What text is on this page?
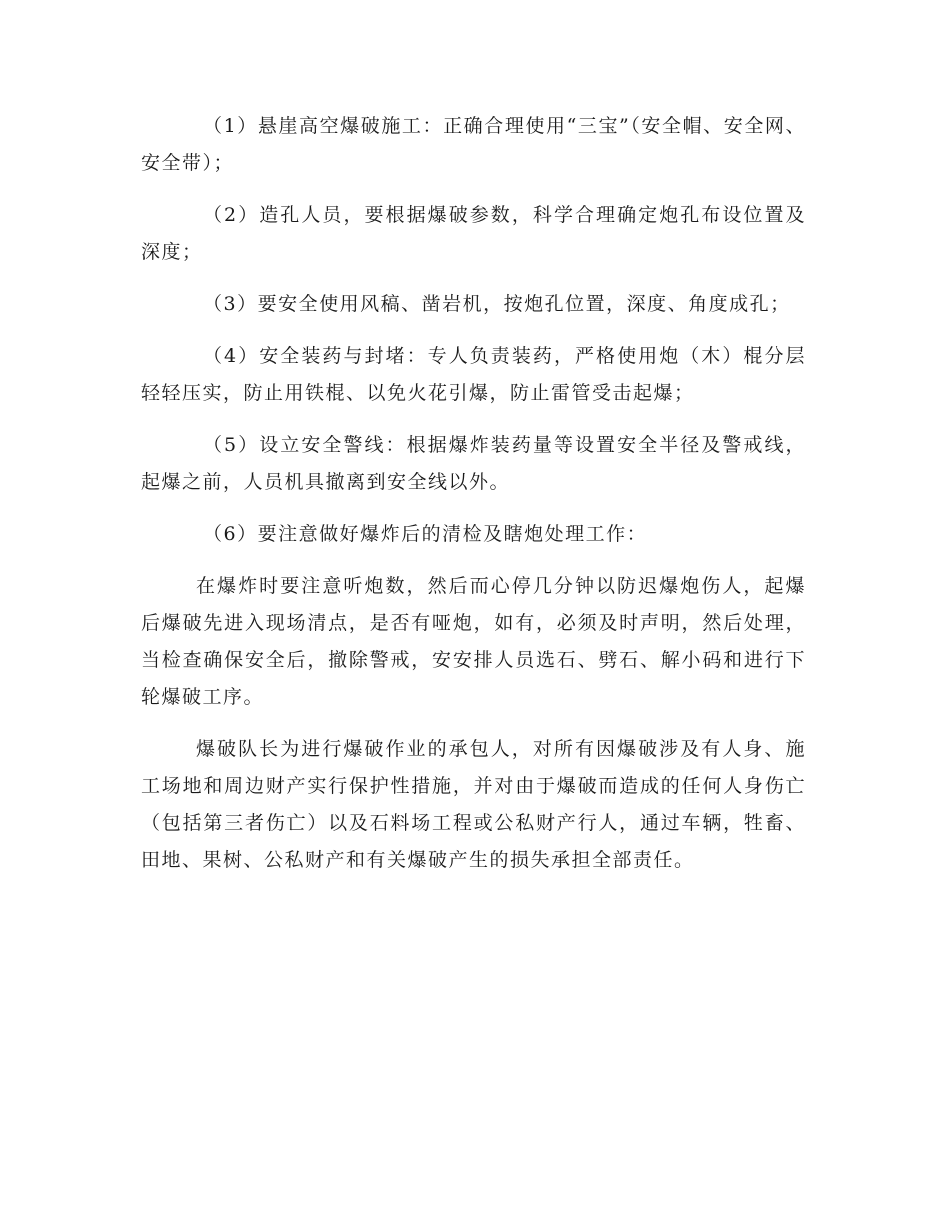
（1）悬崖高空爆破施工：正确合理使用“三宝”（安全帽、安全网、安全带）；

（2）造孔人员，要根据爆破参数，科学合理确定炮孔布设位置及深度；

（3）要安全使用风稿、凿岩机，按炮孔位置，深度、角度成孔；

（4）安全装药与封堵：专人负责装药，严格使用炮（木）棍分层轻轻压实，防止用铁棍、以免火花引爆，防止雷管受击起爆；

（5）设立安全警线：根据爆炸装药量等设置安全半径及警戒线，起爆之前，人员机具撤离到安全线以外。

（6）要注意做好爆炸后的清检及瞎炮处理工作：

在爆炸时要注意听炮数，然后而心停几分钟以防迟爆炮伤人，起爆后爆破先进入现场清点，是否有哑炮，如有，必须及时声明，然后处理，当检查确保安全后，撤除警戒，安安排人员选石、劈石、解小码和进行下轮爆破工序。

爆破队长为进行爆破作业的承包人，对所有因爆破涉及有人身、施工场地和周边财产实行保护性措施，并对由于爆破而造成的任何人身伤亡（包括第三者伤亡）以及石料场工程或公私财产行人，通过车辆，牲畜、田地、果树、公私财产和有关爆破产生的损失承担全部责任。
